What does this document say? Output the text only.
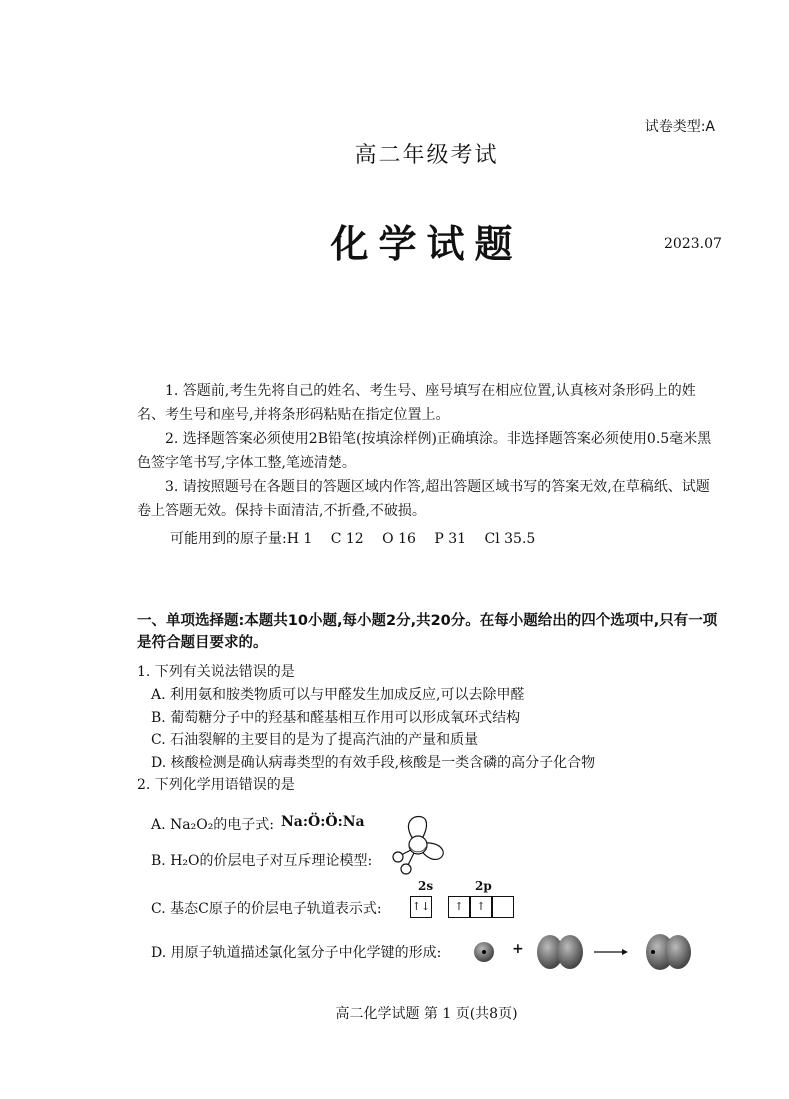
试卷类型:A
高二年级考试
化学试题	2023.07

1. 答题前,考生先将自己的姓名、考生号、座号填写在相应位置,认真核对条形码上的姓名、考生号和座号,并将条形码粘贴在指定位置上。

2. 选择题答案必须使用2B铅笔(按填涂样例)正确填涂。非选择题答案必须使用0.5毫米黑色签字笔书写,字体工整,笔迹清楚。

3. 请按照题号在各题目的答题区域内作答,超出答题区域书写的答案无效,在草稿纸、试题卷上答题无效。保持卡面清洁,不折叠,不破损。

可能用到的原子量:H 1　 C 12　 O 16　 P 31　 Cl 35.5
一、单项选择题:本题共10小题,每小题2分,共20分。在每小题给出的四个选项中,只有一项是符合题目要求的。
1. 下列有关说法错误的是
A. 利用氨和胺类物质可以与甲醛发生加成反应,可以去除甲醛
B. 葡萄糖分子中的羟基和醛基相互作用可以形成氧环式结构
C. 石油裂解的主要目的是为了提高汽油的产量和质量
D. 核酸检测是确认病毒类型的有效手段,核酸是一类含磷的高分子化合物
2. 下列化学用语错误的是
A. Na₂O₂的电子式: Na:Ö:Ö:Na
B. H₂O的价层电子对互斥理论模型:
C. 基态C原子的价层电子轨道表示式:
2s	2p
↑↓	↑	↑
D. 用原子轨道描述氯化氢分子中化学键的形成:	+
高二化学试题 第 1 页(共8页)
